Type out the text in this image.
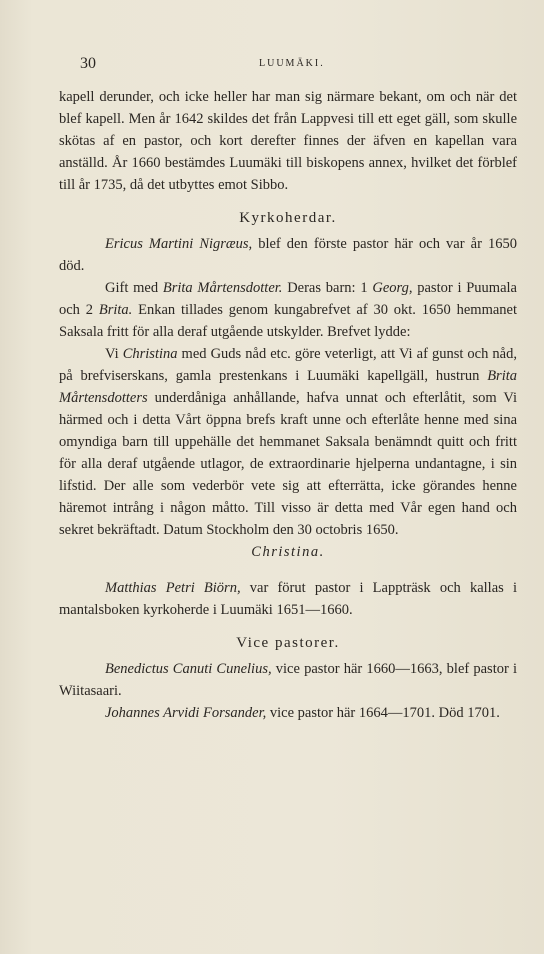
30	LUUMÄKI.

kapell derunder, och icke heller har man sig närmare bekant, om och när det blef kapell. Men år 1642 skildes det från Lappvesi till ett eget gäll, som skulle skötas af en pastor, och kort derefter finnes der äfven en kapellan vara anställd. År 1660 bestämdes Luumäki till biskopens annex, hvilket det förblef till år 1735, då det utbyttes emot Sibbo.

Kyrkoherdar.

Ericus Martini Nigræus, blef den förste pastor här och var år 1650 död.

Gift med Brita Mårtensdotter. Deras barn: 1 Georg, pastor i Puumala och 2 Brita. Enkan tillades genom kungabrefvet af 30 okt. 1650 hemmanet Saksala fritt för alla deraf utgående utskylder. Brefvet lydde:

Vi Christina med Guds nåd etc. göre veterligt, att Vi af gunst och nåd, på brefviserskans, gamla prestenkans i Luumäki kapellgäll, hustrun Brita Mårtensdotters underdåniga anhållande, hafva unnat och efterlåtit, som Vi härmed och i detta Vårt öppna brefs kraft unne och efterlåte henne med sina omyndiga barn till uppehälle det hemmanet Saksala benämndt quitt och fritt för alla deraf utgående utlagor, de extraordinarie hjelperna undantagne, i sin lifstid. Der alle som vederbör vete sig att efterrätta, icke görandes henne häremot intrång i någon måtto. Till visso är detta med Vår egen hand och sekret bekräftadt. Datum Stockholm den 30 octobris 1650.

Christina.

Matthias Petri Biörn, var förut pastor i Lappträsk och kallas i mantalsboken kyrkoherde i Luumäki 1651—1660.

Vice pastorer.

Benedictus Canuti Cunelius, vice pastor här 1660—1663, blef pastor i Wiitasaari.

Johannes Arvidi Forsander, vice pastor här 1664—1701. Död 1701.
